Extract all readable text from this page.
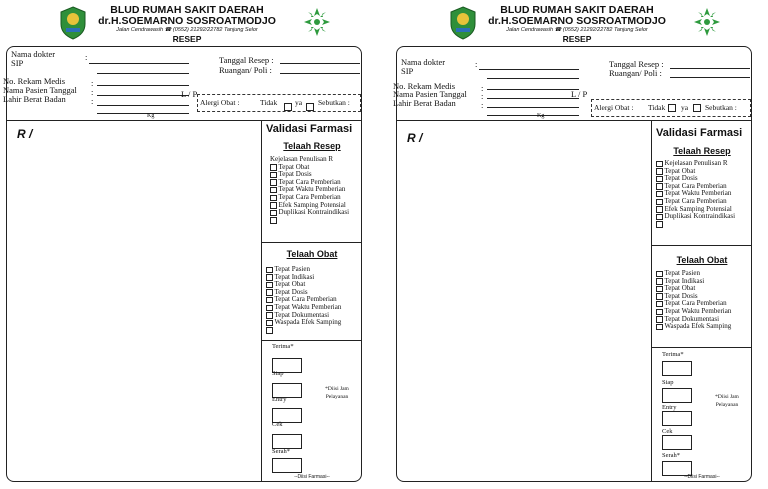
BLUD RUMAH SAKIT DAERAH
dr.H.SOEMARNO SOSROATMODJO
Jalan Cendrawasih ☎ (0552) 21292/22782 Tanjung Selor
RESEP
Nama dokter	:
SIP	Tanggal Resep :
Ruangan/ Poli :
No. Rekam Medis	:
Nama Pasien Tanggal :	L / P
Lahir Berat Badan	:
Kg
Alergi Obat :	Tidak ya Sebutkan :
R /	Validasi Farmasi
Telaah Resep
Kejelasan Penulisan R
Tepat Obat
Tepat Dosis
Tepat Cara Pemberian
Tepat Waktu Pemberian
Tepat Cara Pemberian
Efek Samping Potensial
Duplikasi Kontraindikasi
Telaah Obat
Tepat Pasien
Tepat Indikasi
Tepat Obat
Tepat Dosis
Tepat Cara Pemberian
Tepat Waktu Pemberian
Tepat Dokumentasi
Waspada Efek Samping
Terima*
Siap
Entry
Cek
Serah*
*Diisi Jam
Pelayanan
--Diisi Farmasi--
BLUD RUMAH SAKIT DAERAH
dr.H.SOEMARNO SOSROATMODJO
Jalan Cendrawasih ☎ (0552) 21292/22782 Tanjung Selor
RESEP
Nama dokter	:
SIP
Tanggal Resep :
Ruangan/ Poli :
No. Rekam Medis	:
Nama Pasien Tanggal :	L / P
Lahir Berat Badan	:
Kg
Alergi Obat : Tidak ya Sebutkan :
R /	Validasi Farmasi
Telaah Resep
Kejelasan Penulisan R
Tepat Obat
Tepat Dosis
Tepat Cara Pemberian
Tepat Waktu Pemberian
Tepat Cara Pemberian
Efek Samping Potensial
Duplikasi Kontraindikasi
Telaah Obat
Tepat Pasien
Tepat Indikasi
Tepat Obat
Tepat Dosis
Tepat Cara Pemberian
Tepat Waktu Pemberian
Tepat Dokumentasi
Waspada Efek Samping
Terima*
Siap
Entry
Cek
Serah*
*Diisi Jam
Pelayanan
--Diisi Farmasi--
